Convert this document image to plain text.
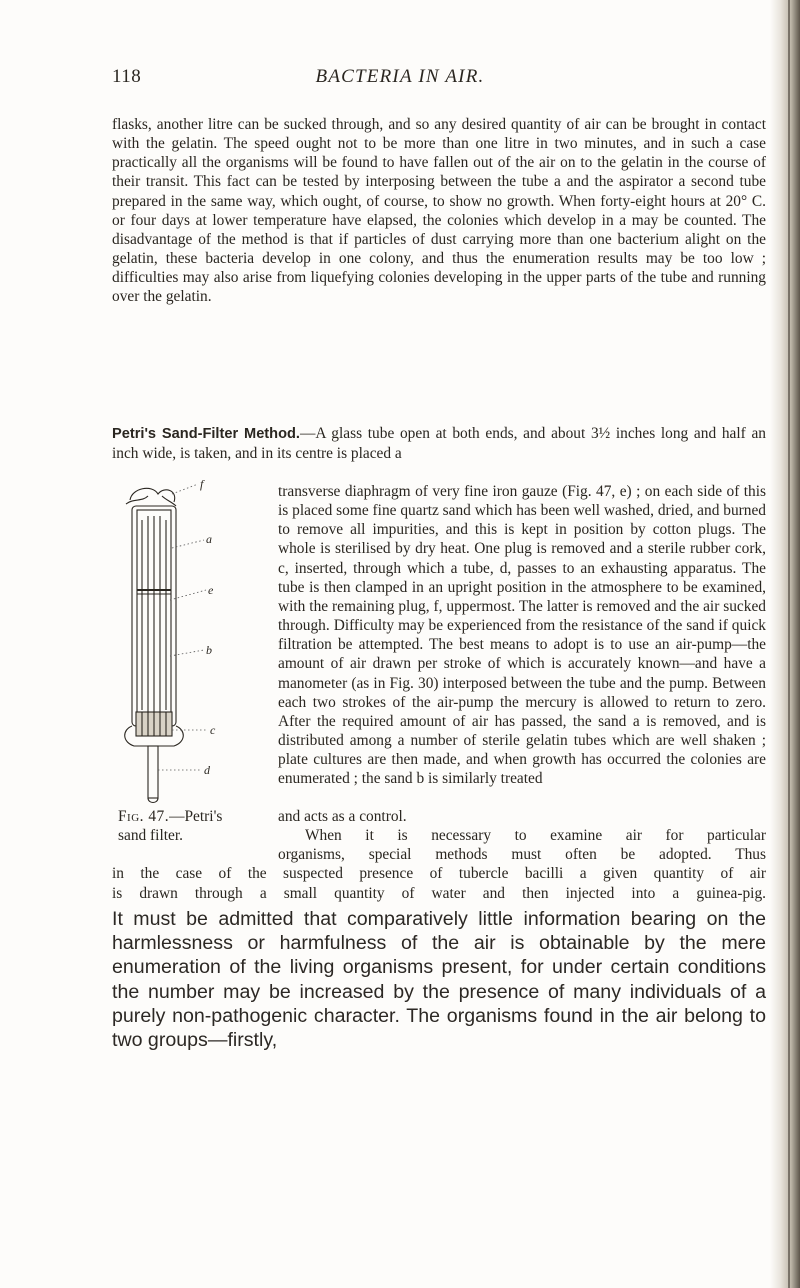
118	BACTERIA IN AIR.

flasks, another litre can be sucked through, and so any desired quantity of air can be brought in contact with the gelatin. The speed ought not to be more than one litre in two minutes, and in such a case practically all the organisms will be found to have fallen out of the air on to the gelatin in the course of their transit. This fact can be tested by interposing between the tube a and the aspirator a second tube prepared in the same way, which ought, of course, to show no growth. When forty-eight hours at 20° C. or four days at lower temperature have elapsed, the colonies which develop in a may be counted. The disadvantage of the method is that if particles of dust carrying more than one bacterium alight on the gelatin, these bacteria develop in one colony, and thus the enumeration results may be too low ; difficulties may also arise from liquefying colonies developing in the upper parts of the tube and running over the gelatin.

Petri's Sand-Filter Method.—A glass tube open at both ends, and about 3½ inches long and half an inch wide, is taken, and in its centre is placed a

f
a
e
b
c
d

transverse diaphragm of very fine iron gauze (Fig. 47, e) ; on each side of this is placed some fine quartz sand which has been well washed, dried, and burned to remove all impurities, and this is kept in position by cotton plugs. The whole is sterilised by dry heat. One plug is removed and a sterile rubber cork, c, inserted, through which a tube, d, passes to an exhausting apparatus. The tube is then clamped in an upright position in the atmosphere to be examined, with the remaining plug, f, uppermost. The latter is removed and the air sucked through. Difficulty may be experienced from the resistance of the sand if quick filtration be attempted. The best means to adopt is to use an air-pump—the amount of air drawn per stroke of which is accurately known—and have a manometer (as in Fig. 30) interposed between the tube and the pump. Between each two strokes of the air-pump the mercury is allowed to return to zero. After the required amount of air has passed, the sand a is removed, and is distributed among a number of sterile gelatin tubes which are well shaken ; plate cultures are then made, and when growth has occurred the colonies are enumerated ; the sand b is similarly treated

and acts as a control.
When it is necessary to examine air for particular
organisms, special methods must often be adopted. Thus
in the case of the suspected presence of tubercle bacilli a given quantity of air
is drawn through a small quantity of water and then injected into a guinea-pig.
Fig. 47.—Petri's
sand filter.

It must be admitted that comparatively little information bearing on the harmlessness or harmfulness of the air is obtainable by the mere enumeration of the living organisms present, for under certain conditions the number may be increased by the presence of many individuals of a purely non-pathogenic character. The organisms found in the air belong to two groups—firstly,
